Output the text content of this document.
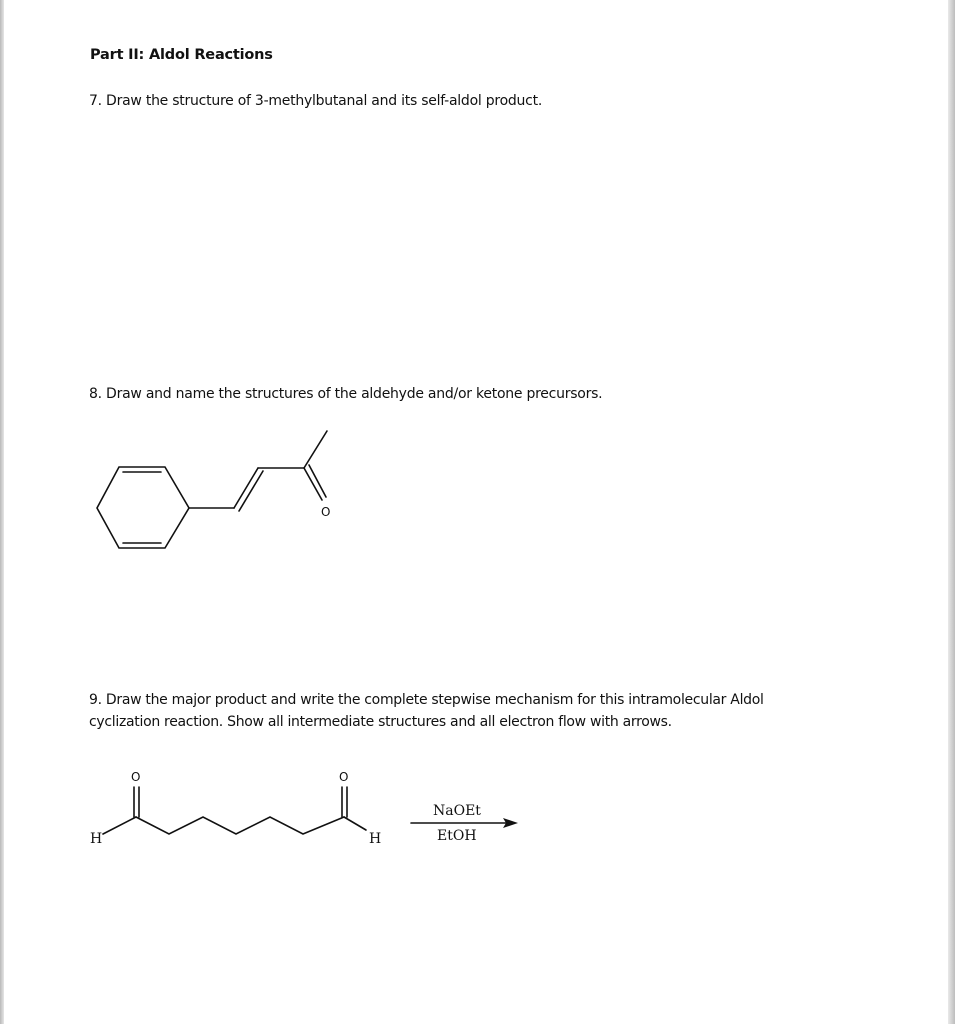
Part II: Aldol Reactions
7. Draw the structure of 3-methylbutanal and its self-aldol product.
8. Draw and name the structures of the aldehyde and/or ketone precursors.
9. Draw the major product and write the complete stepwise mechanism for this intramolecular Aldol
cyclization reaction. Show all intermediate structures and all electron flow with arrows.
O
O	O
H	H
NaOEt
EtOH
